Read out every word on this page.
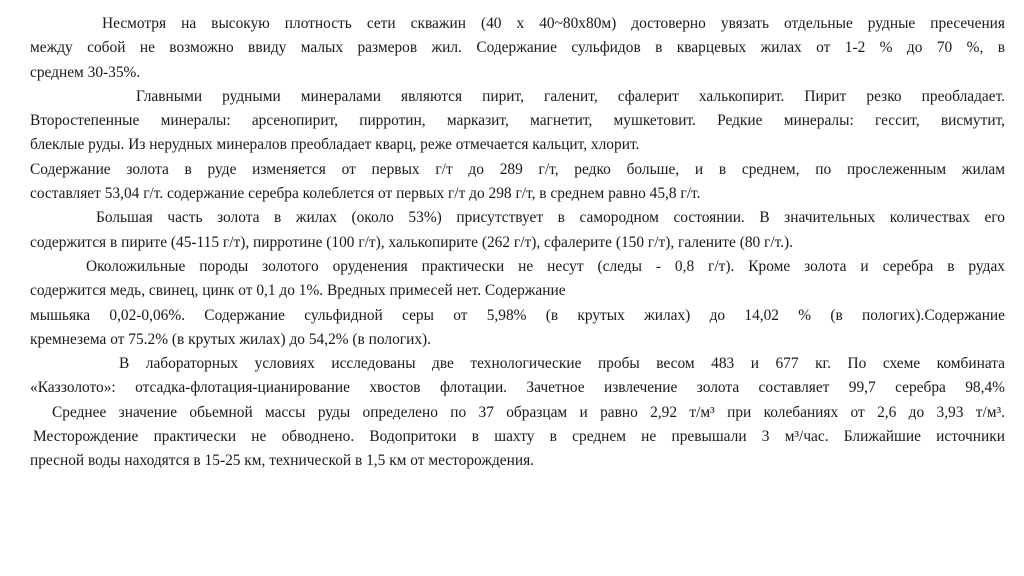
Несмотря на высокую плотность сети скважин (40 х 40~80х80м) достоверно увязать отдельные рудные пресечения
между собой не возможно ввиду малых размеров жил. Содержание сульфидов в кварцевых жилах от 1-2 % до 70 %, в
среднем 30-35%.
Главными рудными минералами являются пирит, галенит, сфалерит халькопирит. Пирит резко преобладает.
Второстепенные минералы: арсенопирит, пирротин, марказит, магнетит, мушкетовит. Редкие минералы: гессит, висмутит,
блеклые руды. Из нерудных минералов преобладает кварц, реже отмечается кальцит, хлорит.
Содержание золота в руде изменяется от первых г/т до 289 г/т, редко больше, и в среднем, по прослеженным жилам
составляет 53,04 г/т. содержание серебра колеблется от первых г/т до 298 г/т, в среднем равно 45,8 г/т.
Большая часть золота в жилах (около 53%) присутствует в самородном состоянии. В значительных количествах его
содержится в пирите (45-115 г/т), пирротине (100 г/т), халькопирите (262 г/т), сфалерите (150 г/т), галените (80 г/т.).
Околожильные породы золотого оруденения практически не несут (следы - 0,8 г/т). Кроме золота и серебра в рудах
содержится медь, свинец, цинк от 0,1 до 1%. Вредных примесей нет. Содержание
мышьяка 0,02-0,06%. Содержание сульфидной серы от 5,98% (в крутых жилах) до 14,02 % (в пологих).Содержание
кремнезема от 75.2% (в крутых жилах) до 54,2% (в пологих).
В лабораторных условиях исследованы две технологические пробы весом 483 и 677 кг. По схеме комбината
«Каззолото»: отсадка-флотация-цианирование хвостов флотации. Зачетное извлечение золота составляет 99,7 серебра 98,4%
Среднее значение обьемной массы руды определено по 37 образцам и равно 2,92 т/м³ при колебаниях от 2,6 до 3,93 т/м³.
Месторождение практически не обводнено. Водопритоки в шахту в среднем не превышали 3 м³/час. Ближайшие источники
пресной воды находятся в 15-25 км, технической в 1,5 км от месторождения.
